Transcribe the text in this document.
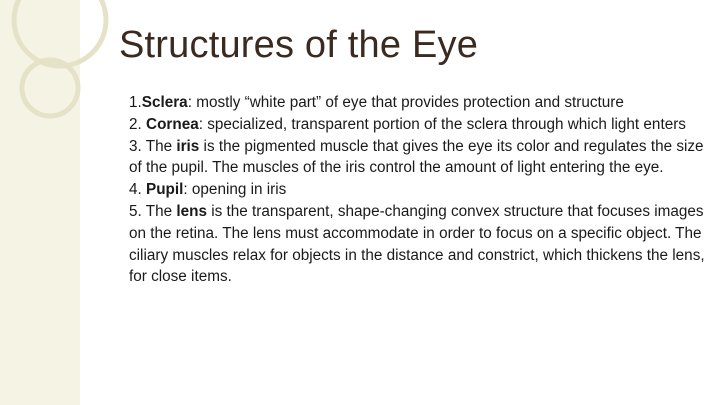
Structures of the Eye

1.Sclera: mostly “white part” of eye that provides protection and structure

2. Cornea: specialized, transparent portion of the sclera through which light enters

3. The iris is the pigmented muscle that gives the eye its color and regulates the size of the pupil. The muscles of the iris control the amount of light entering the eye.

4. Pupil: opening in iris

5. The lens is the transparent, shape-changing convex structure that focuses images on the retina. The lens must accommodate in order to focus on a specific object. The ciliary muscles relax for objects in the distance and constrict, which thickens the lens, for close items.
